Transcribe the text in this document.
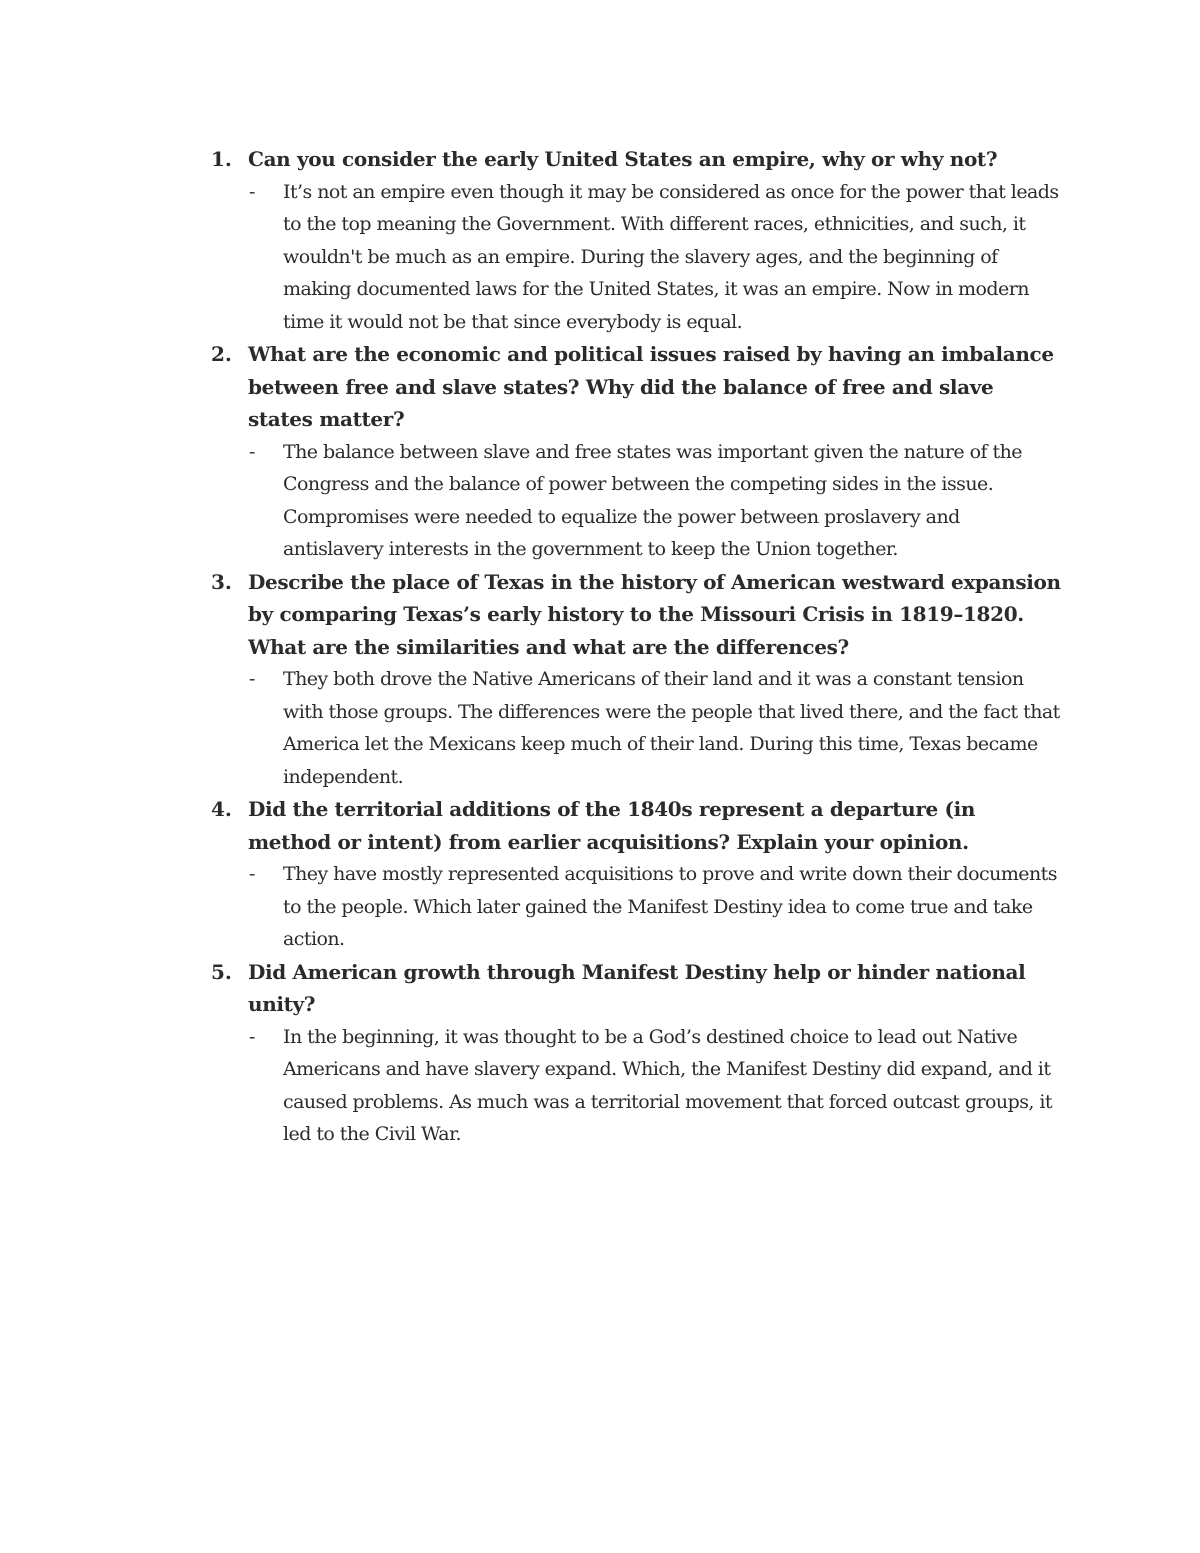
1. Can you consider the early United States an empire, why or why not?
- It’s not an empire even though it may be considered as once for the power that leads to the top meaning the Government. With different races, ethnicities, and such, it wouldn't be much as an empire. During the slavery ages, and the beginning of making documented laws for the United States, it was an empire. Now in modern time it would not be that since everybody is equal.
2. What are the economic and political issues raised by having an imbalance between free and slave states? Why did the balance of free and slave states matter?
- The balance between slave and free states was important given the nature of the Congress and the balance of power between the competing sides in the issue. Compromises were needed to equalize the power between proslavery and antislavery interests in the government to keep the Union together.
3. Describe the place of Texas in the history of American westward expansion by comparing Texas’s early history to the Missouri Crisis in 1819–1820. What are the similarities and what are the differences?
- They both drove the Native Americans of their land and it was a constant tension with those groups. The differences were the people that lived there, and the fact that America let the Mexicans keep much of their land. During this time, Texas became independent.
4. Did the territorial additions of the 1840s represent a departure (in method or intent) from earlier acquisitions? Explain your opinion.
- They have mostly represented acquisitions to prove and write down their documents to the people. Which later gained the Manifest Destiny idea to come true and take action.
5. Did American growth through Manifest Destiny help or hinder national unity?
- In the beginning, it was thought to be a God’s destined choice to lead out Native Americans and have slavery expand. Which, the Manifest Destiny did expand, and it caused problems. As much was a territorial movement that forced outcast groups, it led to the Civil War.
